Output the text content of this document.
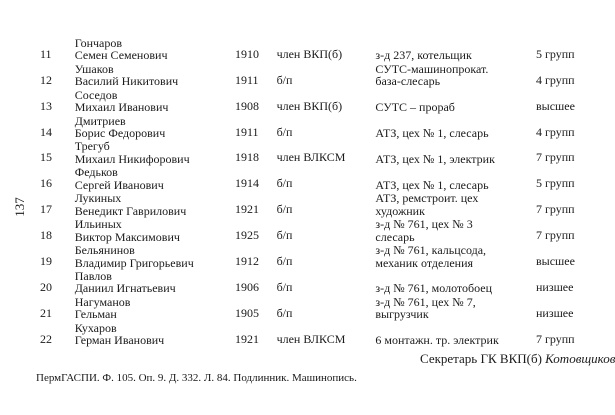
137
11	Гончаров
Семен Семенович	1910	член ВКП(б)	з-д 237, котельщик	5 групп
12	Ушаков
Василий Никитович	1911	б/п	СУТС-машинопрокат.
база-слесарь	4 групп
13	Соседов
Михаил Иванович	1908	член ВКП(б)	СУТС – прораб	высшее
14	Дмитриев
Борис Федорович	1911	б/п	АТЗ, цех № 1, слесарь	4 групп
15	Трегуб
Михаил Никифорович	1918	член ВЛКСМ	АТЗ, цех № 1, электрик	7 групп
16	Федьков
Сергей Иванович	1914	б/п	АТЗ, цех № 1, слесарь	5 групп
17	Лукиных
Венедикт Гаврилович	1921	б/п	АТЗ, ремстроит. цех
художник	7 групп
18	Ильиных
Виктор Максимович	1925	б/п	з-д № 761, цех № 3
слесарь	7 групп
19	Бельянинов
Владимир Григорьевич	1912	б/п	з-д № 761, кальцсода,
механик отделения	высшее
20	Павлов
Даниил Игнатьевич	1906	б/п	з-д № 761, молотобоец	низшее
21	Нагуманов
Гельман	1905	б/п	з-д № 761, цех № 7,
выгрузчик	низшее
22	Кухаров
Герман Иванович	1921	член ВЛКСМ	6 монтажн. тр. электрик	7 групп
Секретарь ГК ВКП(б) Котовщиков
ПермГАСПИ. Ф. 105. Оп. 9. Д. 332. Л. 84. Подлинник. Машинопись.
